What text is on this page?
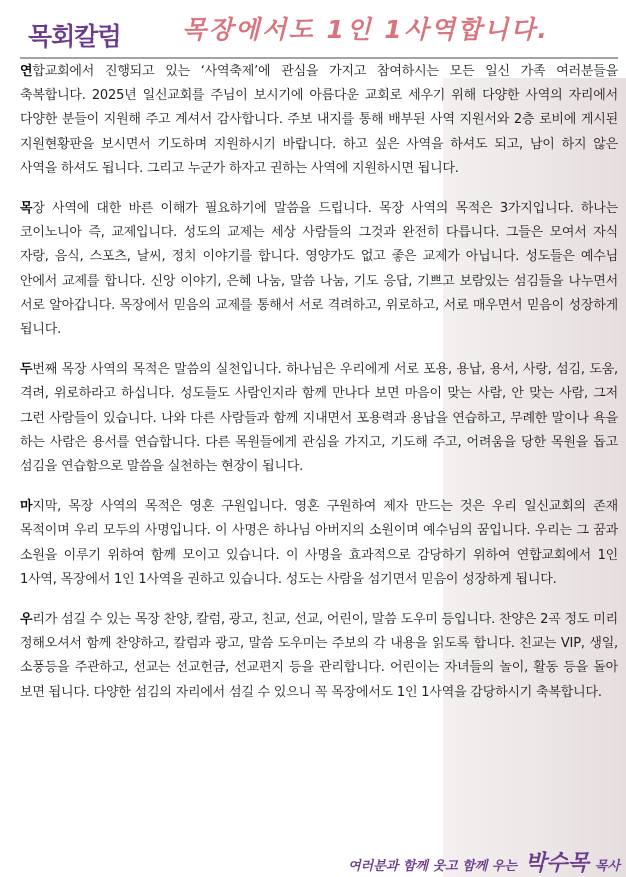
목회칼럼 목장에서도 1인 1사역합니다.

연합교회에서 진행되고 있는 ‘사역축제’에 관심을 가지고 참여하시는 모든 일신 가족 여러분들을 축복합니다. 2025년 일신교회를 주님이 보시기에 아름다운 교회로 세우기 위해 다양한 사역의 자리에서 다양한 분들이 지원해 주고 계셔서 감사합니다. 주보 내지를 통해 배부된 사역 지원서와 2층 로비에 게시된 지원현황판을 보시면서 기도하며 지원하시기 바랍니다. 하고 싶은 사역을 하셔도 되고, 남이 하지 않은 사역을 하셔도 됩니다. 그리고 누군가 하자고 권하는 사역에 지원하시면 됩니다.

목장 사역에 대한 바른 이해가 필요하기에 말씀을 드립니다. 목장 사역의 목적은 3가지입니다. 하나는 코이노니아 즉, 교제입니다. 성도의 교제는 세상 사람들의 그것과 완전히 다릅니다. 그들은 모여서 자식 자랑, 음식, 스포츠, 날씨, 정치 이야기를 합니다. 영양가도 없고 좋은 교제가 아닙니다. 성도들은 예수님 안에서 교제를 합니다. 신앙 이야기, 은혜 나눔, 말씀 나눔, 기도 응답, 기쁘고 보람있는 섬김들을 나누면서 서로 알아갑니다. 목장에서 믿음의 교제를 통해서 서로 격려하고, 위로하고, 서로 매우면서 믿음이 성장하게 됩니다.

두번째 목장 사역의 목적은 말씀의 실천입니다. 하나님은 우리에게 서로 포용, 용납, 용서, 사랑, 섬김, 도움, 격려, 위로하라고 하십니다. 성도들도 사람인지라 함께 만나다 보면 마음이 맞는 사람, 안 맞는 사람, 그저 그런 사람들이 있습니다. 나와 다른 사람들과 함께 지내면서 포용력과 용납을 연습하고, 무례한 말이나 욕을 하는 사람은 용서를 연습합니다. 다른 목원들에게 관심을 가지고, 기도해 주고, 어려움을 당한 목원을 돕고 섬김을 연습함으로 말씀을 실천하는 현장이 됩니다.

마지막, 목장 사역의 목적은 영혼 구원입니다. 영혼 구원하여 제자 만드는 것은 우리 일신교회의 존재 목적이며 우리 모두의 사명입니다. 이 사명은 하나님 아버지의 소원이며 예수님의 꿈입니다. 우리는 그 꿈과 소원을 이루기 위하여 함께 모이고 있습니다. 이 사명을 효과적으로 감당하기 위하여 연합교회에서 1인 1사역, 목장에서 1인 1사역을 권하고 있습니다. 성도는 사람을 섬기면서 믿음이 성장하게 됩니다.

우리가 섬길 수 있는 목장 찬양, 칼럼, 광고, 친교, 선교, 어린이, 말씀 도우미 등입니다. 찬양은 2곡 정도 미리 정해오셔서 함께 찬양하고, 칼럼과 광고, 말씀 도우미는 주보의 각 내용을 읽도록 합니다. 친교는 VIP, 생일, 소풍등을 주관하고, 선교는 선교헌금, 선교편지 등을 관리합니다. 어린이는 자녀들의 놀이, 활동 등을 돌아 보면 됩니다. 다양한 섬김의 자리에서 섬길 수 있으니 꼭 목장에서도 1인 1사역을 감당하시기 축복합니다.

여러분과 함께 웃고 함께 우는 박수목 목사
